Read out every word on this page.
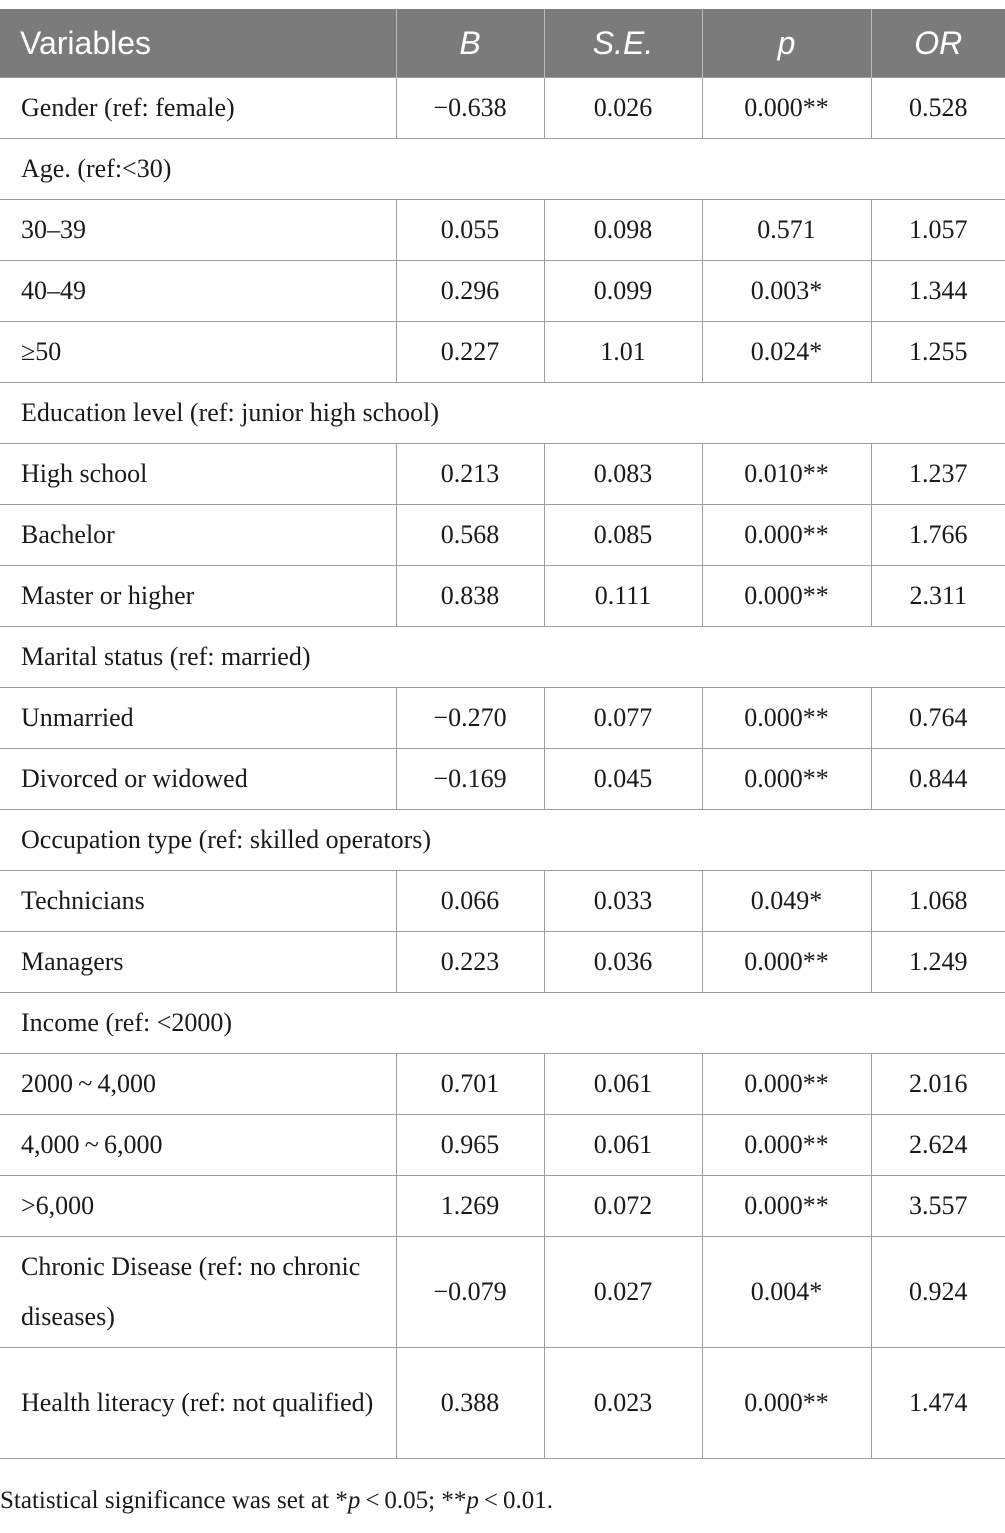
Variables	B	S.E.	p	OR
Gender (ref: female)	−0.638	0.026	0.000**	0.528
Age. (ref:<30)				
30–39	0.055	0.098	0.571	1.057
40–49	0.296	0.099	0.003*	1.344
≥50	0.227	1.01	0.024*	1.255
Education level (ref: junior high school)				
High school	0.213	0.083	0.010**	1.237
Bachelor	0.568	0.085	0.000**	1.766
Master or higher	0.838	0.111	0.000**	2.311
Marital status (ref: married)				
Unmarried	−0.270	0.077	0.000**	0.764
Divorced or widowed	−0.169	0.045	0.000**	0.844
Occupation type (ref: skilled operators)				
Technicians	0.066	0.033	0.049*	1.068
Managers	0.223	0.036	0.000**	1.249
Income (ref: <2000)				
2000 ~ 4,000	0.701	0.061	0.000**	2.016
4,000 ~ 6,000	0.965	0.061	0.000**	2.624
>6,000	1.269	0.072	0.000**	3.557
Chronic Disease (ref: no chronic diseases)	−0.079	0.027	0.004*	0.924
Health literacy (ref: not qualified)	0.388	0.023	0.000**	1.474
Statistical significance was set at *p < 0.05; **p < 0.01.
